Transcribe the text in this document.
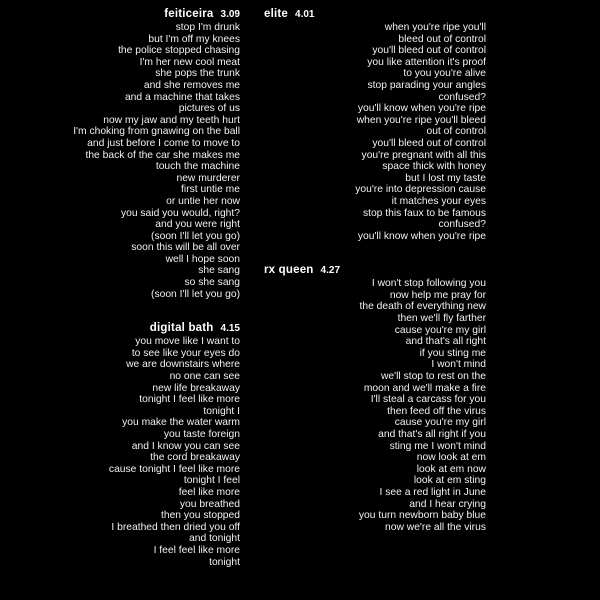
feiticeira 3.09
stop I'm drunk
but I'm off my knees
the police stopped chasing
I'm her new cool meat
she pops the trunk
and she removes me
and a machine that takes
pictures of us
now my jaw and my teeth hurt
I'm choking from gnawing on the ball
and just before I come to move to
the back of the car she makes me
touch the machine
new murderer
first untie me
or untie her now
you said you would, right?
and you were right
(soon I'll let you go)
soon this will be all over
well I hope soon
she sang
so she sang
(soon I'll let you go)
digital bath 4.15
you move like I want to
to see like your eyes do
we are downstairs where
no one can see
new life breakaway
tonight I feel like more
tonight I
you make the water warm
you taste foreign
and I know you can see
the cord breakaway
cause tonight I feel like more
tonight I feel
feel like more
you breathed
then you stopped
I breathed then dried you off
and tonight
I feel feel like more
tonight
elite 4.01
when you're ripe you'll
bleed out of control
you'll bleed out of control
you like attention it's proof
to you you're alive
stop parading your angles
confused?
you'll know when you're ripe
when you're ripe you'll bleed
out of control
you'll bleed out of control
you're pregnant with all this
space thick with honey
but I lost my taste
you're into depression cause
it matches your eyes
stop this faux to be famous
confused?
you'll know when you're ripe
rx queen 4.27
I won't stop following you
now help me pray for
the death of everything new
then we'll fly farther
cause you're my girl
and that's all right
if you sting me
I won't mind
we'll stop to rest on the
moon and we'll make a fire
I'll steal a carcass for you
then feed off the virus
cause you're my girl
and that's all right if you
sting me I won't mind
now look at em
look at em now
look at em sting
I see a red light in June
and I hear crying
you turn newborn baby blue
now we're all the virus
